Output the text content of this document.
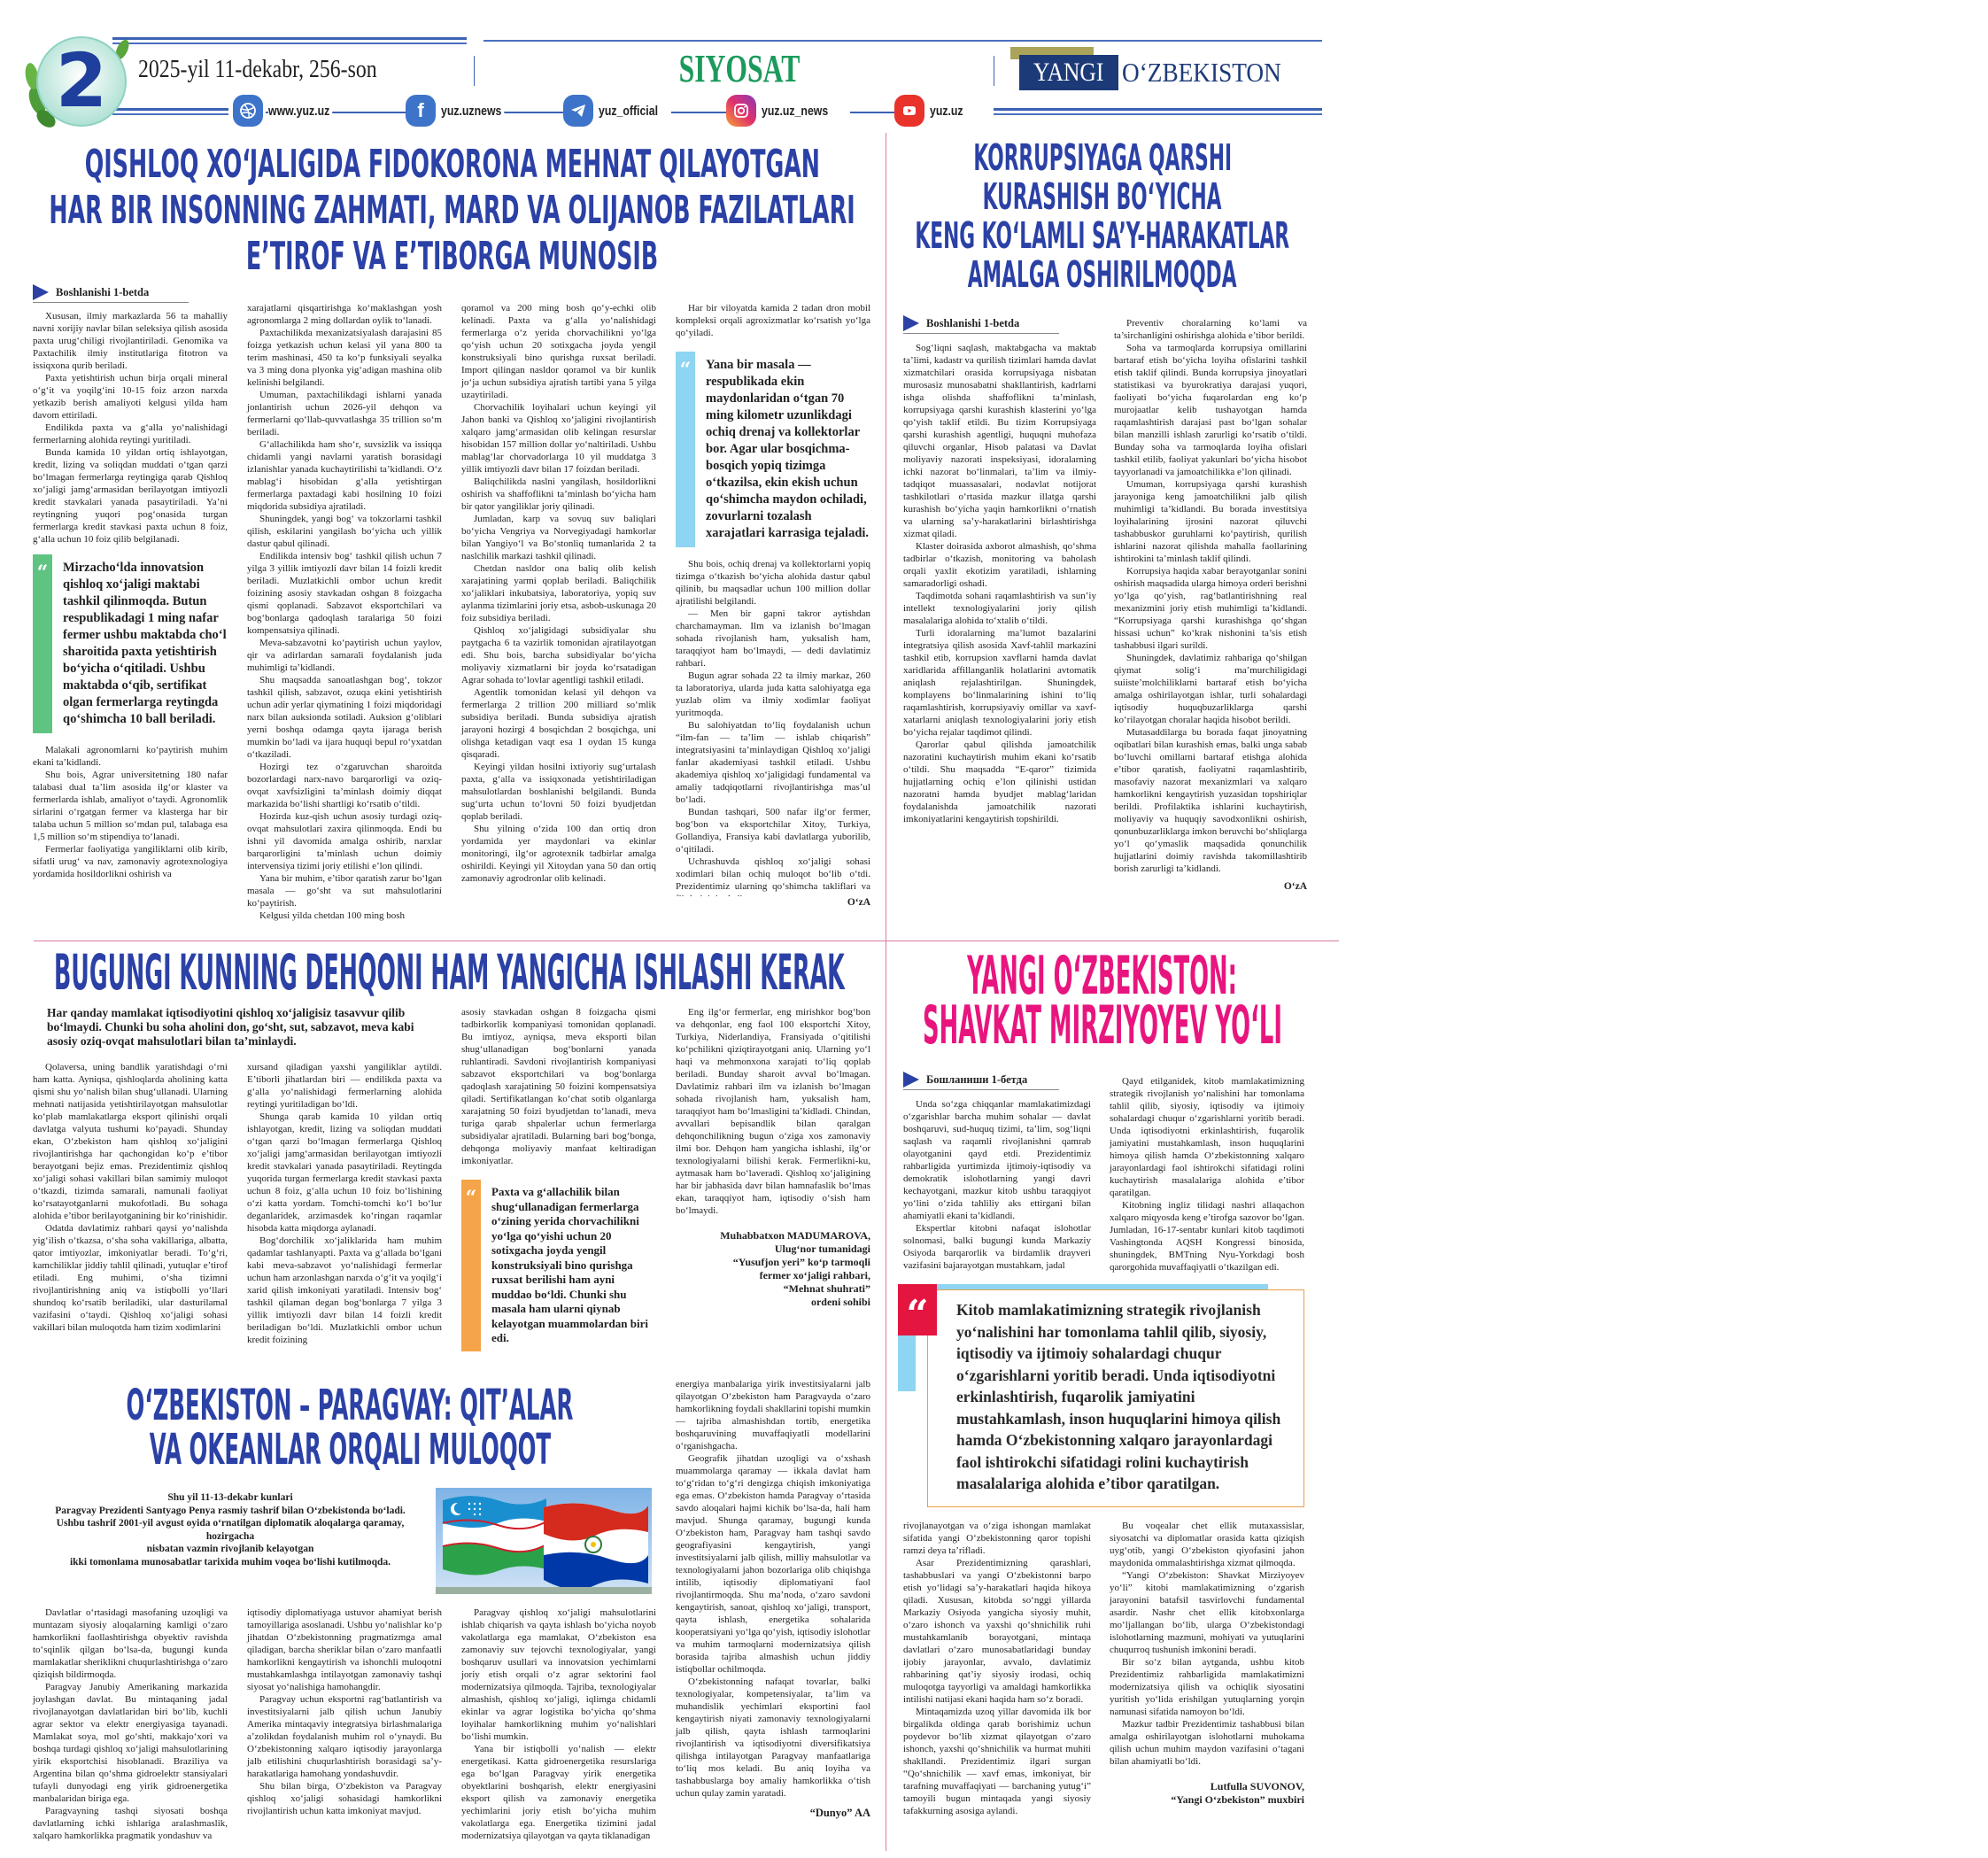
2 2025-yil 11-dekabr, 256-son	SIYOSAT	YANGI O‘ZBEKISTON
www.yuz.uz	f yuz.uznews	yuz_official	yuz.uz_news	yuz.uz
QISHLOQ XO‘JALIGIDA FIDOKORONA MEHNAT QILAYOTGAN
HAR BIR INSONNING ZAHMATI, MARD VA OLIJANOB FAZILATLARI
E’TIROF VA E’TIBORGA MUNOSIB
Boshlanishi 1-betda

Xususan, ilmiy markazlarda 56 ta mahalliy navni xorijiy navlar bilan seleksiya qilish asosida paxta urug‘chiligi rivojlantiriladi. Genomika va Paxtachilik ilmiy institutlariga fitotron va issiqxona qurib beriladi.

Paxta yetishtirish uchun birja orqali mineral o‘g‘it va yoqilg‘ini 10-15 foiz arzon narxda yetkazib berish amaliyoti kelgusi yilda ham davom ettiriladi.

Endilikda paxta va g‘alla yo‘nalishidagi fermerlarning alohida reytingi yuritiladi.

Bunda kamida 10 yildan ortiq ishlayotgan, kredit, lizing va soliqdan muddati o‘tgan qarzi bo‘lmagan fermerlarga reytingiga qarab Qishloq xo‘jaligi jamg‘armasidan berilayotgan imtiyozli kredit stavkalari yanada pasaytiriladi. Ya’ni reytingning yuqori pog‘onasida turgan fermerlarga kredit stavkasi paxta uchun 8 foiz, g‘alla uchun 10 foiz qilib belgilanadi.

“	Mirzacho‘lda innovatsion qishloq xo‘jaligi maktabi tashkil qilinmoqda. Butun respublikadagi 1 ming nafar fermer ushbu maktabda cho‘l sharoitida paxta yetishtirish bo‘yicha o‘qitiladi. Ushbu maktabda o‘qib, sertifikat olgan fermerlarga reytingda qo‘shimcha 10 ball beriladi.

Malakali agronomlarni ko‘paytirish muhim ekani ta’kidlandi.

Shu bois, Agrar universitetning 180 nafar talabasi dual ta’lim asosida ilg‘or klaster va fermerlarda ishlab, amaliyot o‘taydi. Agronomlik sirlarini o‘rgatgan fermer va klasterga har bir talaba uchun 5 million so‘mdan pul, talabaga esa 1,5 million so‘m stipendiya to‘lanadi.

Fermerlar faoliyatiga yangiliklarni olib kirib, sifatli urug‘ va nav, zamonaviy agrotexnologiya yordamida hosildorlikni oshirish va

xarajatlarni qisqartirishga ko‘maklashgan yosh agronomlarga 2 ming dollardan oylik to‘lanadi.

Paxtachilikda mexanizatsiyalash darajasini 85 foizga yetkazish uchun kelasi yil yana 800 ta terim mashinasi, 450 ta ko‘p funksiyali seyalka va 3 ming dona plyonka yig‘adigan mashina olib kelinishi belgilandi.

Umuman, paxtachilikdagi ishlarni yanada jonlantirish uchun 2026-yil dehqon va fermerlarni qo‘llab-quvvatlashga 35 trillion so‘m beriladi.

G‘allachilikda ham sho‘r, suvsizlik va issiqqa chidamli yangi navlarni yaratish borasidagi izlanishlar yanada kuchaytirilishi ta’kidlandi. O‘z mablag‘i hisobidan g‘alla yetishtirgan fermerlarga paxtadagi kabi hosilning 10 foizi miqdorida subsidiya ajratiladi.

Shuningdek, yangi bog‘ va tokzorlarni tashkil qilish, eskilarini yangilash bo‘yicha uch yillik dastur qabul qilinadi.

Endilikda intensiv bog‘ tashkil qilish uchun 7 yilga 3 yillik imtiyozli davr bilan 14 foizli kredit beriladi. Muzlatkichli ombor uchun kredit foizining asosiy stavkadan oshgan 8 foizgacha qismi qoplanadi. Sabzavot eksportchilari va bog‘bonlarga qadoqlash taralariga 50 foizi kompensatsiya qilinadi.

Meva-sabzavotni ko‘paytirish uchun yaylov, qir va adirlardan samarali foydalanish juda muhimligi ta’kidlandi.

Shu maqsadda sanoatlashgan bog‘, tokzor tashkil qilish, sabzavot, ozuqa ekini yetishtirish uchun adir yerlar qiymatining 1 foizi miqdoridagi narx bilan auksionda sotiladi. Auksion g‘oliblari yerni boshqa odamga qayta ijaraga berish mumkin bo‘ladi va ijara huquqi bepul ro‘yxatdan o‘tkaziladi.

Hozirgi tez o‘zgaruvchan sharoitda bozorlardagi narx-navo barqarorligi va oziq-ovqat xavfsizligini ta’minlash doimiy diqqat markazida bo‘lishi shartligi ko‘rsatib o‘tildi.

Hozirda kuz-qish uchun asosiy turdagi oziq-ovqat mahsulotlari zaxira qilinmoqda. Endi bu ishni yil davomida amalga oshirib, narxlar barqarorligini ta’minlash uchun doimiy intervensiya tizimi joriy etilishi e’lon qilindi.

Yana bir muhim, e’tibor qaratish zarur bo‘lgan masala — go‘sht va sut mahsulotlarini ko‘paytirish.

Kelgusi yilda chetdan 100 ming bosh

qoramol va 200 ming bosh qo‘y-echki olib kelinadi. Paxta va g‘alla yo‘nalishidagi fermerlarga o‘z yerida chorvachilikni yo‘lga qo‘yish uchun 20 sotixgacha joyda yengil konstruksiyali bino qurishga ruxsat beriladi. Import qilingan nasldor qoramol va bir kunlik jo‘ja uchun subsidiya ajratish tartibi yana 5 yilga uzaytiriladi.

Chorvachilik loyihalari uchun keyingi yil Jahon banki va Qishloq xo‘jaligini rivojlantirish xalqaro jamg‘armasidan olib kelingan resurslar hisobidan 157 million dollar yo‘naltiriladi. Ushbu mablag‘lar chorvadorlarga 10 yil muddatga 3 yillik imtiyozli davr bilan 17 foizdan beriladi.

Baliqchilikda naslni yangilash, hosildorlikni oshirish va shaffoflikni ta’minlash bo‘yicha ham bir qator yangiliklar joriy qilinadi.

Jumladan, karp va sovuq suv baliqlari bo‘yicha Vengriya va Norvegiyadagi hamkorlar bilan Yangiyo‘l va Bo‘stonliq tumanlarida 2 ta naslchilik markazi tashkil qilinadi.

Chetdan nasldor ona baliq olib kelish xarajatining yarmi qoplab beriladi. Baliqchilik xo‘jaliklari inkubatsiya, laboratoriya, yopiq suv aylanma tizimlarini joriy etsa, asbob-uskunaga 20 foiz subsidiya beriladi.

Qishloq xo‘jaligidagi subsidiyalar shu paytgacha 6 ta vazirlik tomonidan ajratilayotgan edi. Shu bois, barcha subsidiyalar bo‘yicha moliyaviy xizmatlarni bir joyda ko‘rsatadigan Agrar sohada to‘lovlar agentligi tashkil etiladi.

Agentlik tomonidan kelasi yil dehqon va fermerlarga 2 trillion 200 milliard so‘mlik subsidiya beriladi. Bunda subsidiya ajratish jarayoni hozirgi 4 bosqichdan 2 bosqichga, uni olishga ketadigan vaqt esa 1 oydan 15 kunga qisqaradi.

Keyingi yildan hosilni ixtiyoriy sug‘urtalash paxta, g‘alla va issiqxonada yetishtiriladigan mahsulotlardan boshlanishi belgilandi. Bunda sug‘urta uchun to‘lovni 50 foizi byudjetdan qoplab beriladi.

Shu yilning o‘zida 100 dan ortiq dron yordamida yer maydonlari va ekinlar monitoringi, ilg‘or agrotexnik tadbirlar amalga oshirildi. Keyingi yil Xitoydan yana 50 dan ortiq zamonaviy agrodronlar olib kelinadi.

Har bir viloyatda kamida 2 tadan dron mobil kompleksi orqali agroxizmatlar ko‘rsatish yo‘lga qo‘yiladi.

“	Yana bir masala — respublikada ekin maydonlaridan o‘tgan 70 ming kilometr uzunlikdagi ochiq drenaj va kollektorlar bor. Agar ular bosqichma-bosqich yopiq tizimga o‘tkazilsa, ekin ekish uchun qo‘shimcha maydon ochiladi, zovurlarni tozalash xarajatlari karrasiga tejaladi.

Shu bois, ochiq drenaj va kollektorlarni yopiq tizimga o‘tkazish bo‘yicha alohida dastur qabul qilinib, bu maqsadlar uchun 100 million dollar ajratilishi belgilandi.

— Men bir gapni takror aytishdan charchamayman. Ilm va izlanish bo‘lmagan sohada rivojlanish ham, yuksalish ham, taraqqiyot ham bo‘lmaydi, — dedi davlatimiz rahbari.

Bugun agrar sohada 22 ta ilmiy markaz, 260 ta laboratoriya, ularda juda katta salohiyatga ega yuzlab olim va ilmiy xodimlar faoliyat yuritmoqda.

Bu salohiyatdan to‘liq foydalanish uchun “ilm-fan — ta’lim — ishlab chiqarish” integratsiyasini ta’minlaydigan Qishloq xo‘jaligi fanlar akademiyasi tashkil etiladi. Ushbu akademiya qishloq xo‘jaligidagi fundamental va amaliy tadqiqotlarni rivojlantirishga mas’ul bo‘ladi.

Bundan tashqari, 500 nafar ilg‘or fermer, bog‘bon va eksportchilar Xitoy, Turkiya, Gollandiya, Fransiya kabi davlatlarga yuborilib, o‘qitiladi.

Uchrashuvda qishloq xo‘jaligi sohasi xodimlari bilan ochiq muloqot bo‘lib o‘tdi. Prezidentimiz ularning qo‘shimcha takliflari va

O‘zA
KORRUPSIYAGA QARSHI
KURASHISH BO‘YICHA
KENG KO‘LAMLI SA’Y-HARAKATLAR
AMALGA OSHIRILMOQDA
Boshlanishi 1-betda

Sog‘liqni saqlash, maktabgacha va maktab ta’limi, kadastr va qurilish tizimlari hamda davlat xizmatchilari orasida korrupsiyaga nisbatan murosasiz munosabatni shakllantirish, kadrlarni ishga olishda shaffoflikni ta’minlash, korrupsiyaga qarshi kurashish klasterini yo‘lga qo‘yish taklif etildi. Bu tizim Korrupsiyaga qarshi kurashish agentligi, huquqni muhofaza qiluvchi organlar, Hisob palatasi va Davlat moliyaviy nazorati inspeksiyasi, idoralarning ichki nazorat bo‘linmalari, ta’lim va ilmiy-tadqiqot muassasalari, nodavlat notijorat tashkilotlari o‘rtasida mazkur illatga qarshi kurashish bo‘yicha yaqin hamkorlikni o‘rnatish va ularning sa’y-harakatlarini birlashtirishga xizmat qiladi.

Klaster doirasida axborot almashish, qo‘shma tadbirlar o‘tkazish, monitoring va baholash orqali yaxlit ekotizim yaratiladi, ishlarning samaradorligi oshadi.

Taqdimotda sohani raqamlashtirish va sun’iy intellekt texnologiyalarini joriy qilish masalalariga alohida to‘xtalib o‘tildi.

Turli idoralarning ma’lumot bazalarini integratsiya qilish asosida Xavf-tahlil markazini tashkil etib, korrupsion xavflarni hamda davlat xaridlarida affillanganlik holatlarini avtomatik aniqlash rejalashtirilgan. Shuningdek, komplayens bo‘linmalarining ishini to‘liq raqamlashtirish, korrupsiyaviy omillar va xavf-xatarlarni aniqlash texnologiyalarini joriy etish bo‘yicha rejalar taqdimot qilindi.

Qarorlar qabul qilishda jamoatchilik nazoratini kuchaytirish muhim ekani ko‘rsatib o‘tildi. Shu maqsadda “E-qaror” tizimida hujjatlarning ochiq e’lon qilinishi ustidan nazoratni hamda byudjet mablag‘laridan foydalanishda jamoatchilik nazorati imkoniyatlarini kengaytirish topshirildi.

Preventiv choralarning ko‘lami va ta’sirchanligini oshirishga alohida e’tibor berildi.

Soha va tarmoqlarda korrupsiya omillarini bartaraf etish bo‘yicha loyiha ofislarini tashkil etish taklif qilindi. Bunda korrupsiya jinoyatlari statistikasi va byurokratiya darajasi yuqori, faoliyati bo‘yicha fuqarolardan eng ko‘p murojaatlar kelib tushayotgan hamda raqamlashtirish darajasi past bo‘lgan sohalar bilan manzilli ishlash zarurligi ko‘rsatib o‘tildi. Bunday soha va tarmoqlarda loyiha ofislari tashkil etilib, faoliyat yakunlari bo‘yicha hisobot tayyorlanadi va jamoatchilikka e’lon qilinadi.

Umuman, korrupsiyaga qarshi kurashish jarayoniga keng jamoatchilikni jalb qilish muhimligi ta’kidlandi. Bu borada investitsiya loyihalarining ijrosini nazorat qiluvchi tashabbuskor guruhlarni ko‘paytirish, qurilish ishlarini nazorat qilishda mahalla faollarining ishtirokini ta’minlash taklif qilindi.

Korrupsiya haqida xabar berayotganlar sonini oshirish maqsadida ularga himoya orderi berishni yo‘lga qo‘yish, rag‘batlantirishning real mexanizmini joriy etish muhimligi ta’kidlandi. “Korrupsiyaga qarshi kurashishga qo‘shgan hissasi uchun” ko‘krak nishonini ta’sis etish tashabbusi ilgari surildi.

Shuningdek, davlatimiz rahbariga qo‘shilgan qiymat solig‘i ma’murchiligidagi suiiste’molchiliklarni bartaraf etish bo‘yicha amalga oshirilayotgan ishlar, turli sohalardagi iqtisodiy huquqbuzarliklarga qarshi ko‘rilayotgan choralar haqida hisobot berildi.

Mutasaddilarga bu borada faqat jinoyatning oqibatlari bilan kurashish emas, balki unga sabab bo‘luvchi omillarni bartaraf etishga alohida e’tibor qaratish, faoliyatni raqamlashtirib, masofaviy nazorat mexanizmlari va xalqaro hamkorlikni kengaytirish yuzasidan topshiriqlar berildi. Profilaktika ishlarini kuchaytirish, moliyaviy va huquqiy savodxonlikni oshirish, qonunbuzarliklarga imkon beruvchi bo‘shliqlarga yo‘l qo‘ymaslik maqsadida qonunchilik hujjatlarini doimiy ravishda takomillashtirib borish zarurligi ta’kidlandi.

O‘zA
BUGUNGI KUNNING DEHQONI HAM YANGICHA ISHLASHI KERAK
Har qanday mamlakat iqtisodiyotini qishloq xo‘jaligisiz tasavvur qilib bo‘lmaydi. Chunki bu soha aholini don, go‘sht, sut, sabzavot, meva kabi asosiy oziq-ovqat mahsulotlari bilan ta’minlaydi.

Qolaversa, uning bandlik yaratishdagi o‘rni ham katta. Ayniqsa, qishloqlarda aholining katta qismi shu yo‘nalish bilan shug‘ullanadi. Ularning mehnati natijasida yetishtirilayotgan mahsulotlar ko‘plab mamlakatlarga eksport qilinishi orqali davlatga valyuta tushumi ko‘payadi. Shunday ekan, O‘zbekiston ham qishloq xo‘jaligini rivojlantirishga har qachongidan ko‘p e’tibor berayotgani bejiz emas. Prezidentimiz qishloq xo‘jaligi sohasi vakillari bilan samimiy muloqot o‘tkazdi, tizimda samarali, namunali faoliyat ko‘rsatayotganlarni mukofotladi. Bu sohaga alohida e’tibor berilayotganining bir ko‘rinishidir.

Odatda davlatimiz rahbari qaysi yo‘nalishda yig‘ilish o‘tkazsa, o‘sha soha vakillariga, albatta, qator imtiyozlar, imkoniyatlar beradi. To‘g‘ri, kamchiliklar jiddiy tahlil qilinadi, yutuqlar e’tirof etiladi. Eng muhimi, o‘sha tizimni rivojlantirishning aniq va istiqbolli yo‘llari shundoq ko‘rsatib beriladiki, ular dasturilamal vazifasini o‘taydi. Qishloq xo‘jaligi sohasi vakillari bilan muloqotda ham tizim xodimlarini

xursand qiladigan yaxshi yangiliklar aytildi. E’tiborli jihatlardan biri — endilikda paxta va g‘alla yo‘nalishidagi fermerlarning alohida reytingi yuritiladigan bo‘ldi.

Shunga qarab kamida 10 yildan ortiq ishlayotgan, kredit, lizing va soliqdan muddati o‘tgan qarzi bo‘lmagan fermerlarga Qishloq xo‘jaligi jamg‘armasidan berilayotgan imtiyozli kredit stavkalari yanada pasaytiriladi. Reytingda yuqorida turgan fermerlarga kredit stavkasi paxta uchun 8 foiz, g‘alla uchun 10 foiz bo‘lishining o‘zi katta yordam. Tomchi-tomchi ko‘l bo‘lur deganlaridek, arzimasdek ko‘ringan raqamlar hisobda katta miqdorga aylanadi.

Bog‘dorchilik xo‘jaliklarida ham muhim qadamlar tashlanyapti. Paxta va g‘allada bo‘lgani kabi meva-sabzavot yo‘nalishidagi fermerlar uchun ham arzonlashgan narxda o‘g‘it va yoqilg‘i xarid qilish imkoniyati yaratiladi. Intensiv bog‘ tashkil qilaman degan bog‘bonlarga 7 yilga 3 yillik imtiyozli davr bilan 14 foizli kredit beriladigan bo‘ldi. Muzlatkichli ombor uchun kredit foizining

asosiy stavkadan oshgan 8 foizgacha qismi tadbirkorlik kompaniyasi tomonidan qoplanadi. Bu imtiyoz, ayniqsa, meva eksporti bilan shug‘ullanadigan bog‘bonlarni yanada ruhlantiradi. Savdoni rivojlantirish kompaniyasi sabzavot eksportchilari va bog‘bonlarga qadoqlash xarajatining 50 foizini kompensatsiya qiladi. Sertifikatlangan ko‘chat sotib olganlarga xarajatning 50 foizi byudjetdan to‘lanadi, meva turiga qarab shpalerlar uchun fermerlarga subsidiyalar ajratiladi. Bularning bari bog‘bonga, dehqonga moliyaviy manfaat keltiradigan imkoniyatlar.

“	Paxta va g‘allachilik bilan shug‘ullanadigan fermerlarga o‘zining yerida chorvachilikni yo‘lga qo‘yishi uchun 20 sotixgacha joyda yengil konstruksiyali bino qurishga ruxsat berilishi ham ayni muddao bo‘ldi. Chunki shu masala ham ularni qiynab kelayotgan muammolardan biri edi.

Eng ilg‘or fermerlar, eng mirishkor bog‘bon va dehqonlar, eng faol 100 eksportchi Xitoy, Turkiya, Niderlandiya, Fransiyada o‘qitilishi ko‘pchilikni qiziqtirayotgani aniq. Ularning yo‘l haqi va mehmonxona xarajati to‘liq qoplab beriladi. Bunday sharoit avval bo‘lmagan. Davlatimiz rahbari ilm va izlanish bo‘lmagan sohada rivojlanish ham, yuksalish ham, taraqqiyot ham bo‘lmasligini ta’kidladi. Chindan, avvallari bepisandlik bilan qaralgan dehqonchilikning bugun o‘ziga xos zamonaviy ilmi bor. Dehqon ham yangicha ishlashi, ilg‘or texnologiyalarni bilishi kerak. Fermerlikni-ku, aytmasak ham bo‘laveradi. Qishloq xo‘jaligining har bir jabhasida davr bilan hamnafaslik bo‘lmas ekan, taraqqiyot ham, iqtisodiy o‘sish ham bo‘lmaydi.

Muhabbatxon MADUMAROVA,
Ulug‘nor tumanidagi
“Yusufjon yeri” ko‘p tarmoqli
fermer xo‘jaligi rahbari,
“Mehnat shuhrati”
ordeni sohibi
O‘ZBEKISTON – PARAGVAY: QIT’ALAR
VA OKEANLAR ORQALI MULOQOT
Shu yil 11-13-dekabr kunlari
Paragvay Prezidenti Santyago Penya rasmiy tashrif bilan O‘zbekistonda bo‘ladi.
Ushbu tashrif 2001-yil avgust oyida o‘rnatilgan diplomatik aloqalarga qaramay, hozirgacha
nisbatan vazmin rivojlanib kelayotgan
ikki tomonlama munosabatlar tarixida muhim voqea bo‘lishi kutilmoqda.

Davlatlar o‘rtasidagi masofaning uzoqligi va muntazam siyosiy aloqalarning kamligi o‘zaro hamkorlikni faollashtirishga obyektiv ravishda to‘sqinlik qilgan bo‘lsa-da, bugungi kunda mamlakatlar sheriklikni chuqurlashtirishga o‘zaro qiziqish bildirmoqda.

Paragvay Janubiy Amerikaning markazida joylashgan davlat. Bu mintaqaning jadal rivojlanayotgan davlatlaridan biri bo‘lib, kuchli agrar sektor va elektr energiyasiga tayanadi. Mamlakat soya, mol go‘shti, makkajo‘xori va boshqa turdagi qishloq xo‘jaligi mahsulotlarining yirik eksportchisi hisoblanadi. Braziliya va Argentina bilan qo‘shma gidroelektr stansiyalari tufayli dunyodagi eng yirik gidroenergetika manbalaridan biriga ega.

Paragvayning tashqi siyosati boshqa davlatlarning ichki ishlariga aralashmaslik, xalqaro hamkorlikka pragmatik yondashuv va

iqtisodiy diplomatiyaga ustuvor ahamiyat berish tamoyillariga asoslanadi. Ushbu yo‘nalishlar ko‘p jihatdan O‘zbekistonning pragmatizmga amal qiladigan, barcha sheriklar bilan o‘zaro manfaatli hamkorlikni kengaytirish va ishonchli muloqotni mustahkamlashga intilayotgan zamonaviy tashqi siyosat yo‘nalishiga hamohangdir.

Paragvay uchun eksportni rag‘batlantirish va investitsiyalarni jalb qilish uchun Janubiy Amerika mintaqaviy integratsiya birlashmalariga a’zolikdan foydalanish muhim rol o‘ynaydi. Bu O‘zbekistonning xalqaro iqtisodiy jarayonlarga jalb etilishini chuqurlashtirish borasidagi sa’y-harakatlariga hamohang yondashuvdir.

Shu bilan birga, O‘zbekiston va Paragvay qishloq xo‘jaligi sohasidagi hamkorlikni rivojlantirish uchun katta imkoniyat mavjud.

Paragvay qishloq xo‘jaligi mahsulotlarini ishlab chiqarish va qayta ishlash bo‘yicha noyob vakolatlarga ega mamlakat, O‘zbekiston esa zamonaviy suv tejovchi texnologiyalar, yangi boshqaruv usullari va innovatsion yechimlarni joriy etish orqali o‘z agrar sektorini faol modernizatsiya qilmoqda. Tajriba, texnologiyalar almashish, qishloq xo‘jaligi, iqlimga chidamli ekinlar va agrar logistika bo‘yicha qo‘shma loyihalar hamkorlikning muhim yo‘nalishlari bo‘lishi mumkin.

Yana bir istiqbolli yo‘nalish — elektr energetikasi. Katta gidroenergetika resurslariga ega bo‘lgan Paragvay yirik energetika obyektlarini boshqarish, elektr energiyasini eksport qilish va zamonaviy energetika yechimlarini joriy etish bo‘yicha muhim vakolatlarga ega. Energetika tizimini jadal modernizatsiya qilayotgan va qayta tiklanadigan

energiya manbalariga yirik investitsiyalarni jalb qilayotgan O‘zbekiston ham Paragvayda o‘zaro hamkorlikning foydali shakllarini topishi mumkin — tajriba almashishdan tortib, energetika boshqaruvining muvaffaqiyatli modellarini o‘rganishgacha.

Geografik jihatdan uzoqligi va o‘xshash muammolarga qaramay — ikkala davlat ham to‘g‘ridan to‘g‘ri dengizga chiqish imkoniyatiga ega emas. O‘zbekiston hamda Paragvay o‘rtasida savdo aloqalari hajmi kichik bo‘lsa-da, hali ham mavjud. Shunga qaramay, bugungi kunda O‘zbekiston ham, Paragvay ham tashqi savdo geografiyasini kengaytirish, yangi investitsiyalarni jalb qilish, milliy mahsulotlar va texnologiyalarni jahon bozorlariga olib chiqishga intilib, iqtisodiy diplomatiyani faol rivojlantirmoqda. Shu ma’noda, o‘zaro savdoni kengaytirish, sanoat, qishloq xo‘jaligi, transport, qayta ishlash, energetika sohalarida kooperatsiyani yo‘lga qo‘yish, iqtisodiy islohotlar va muhim tarmoqlarni modernizatsiya qilish borasida tajriba almashish uchun jiddiy istiqbollar ochilmoqda.

O‘zbekistonning nafaqat tovarlar, balki texnologiyalar, kompetensiyalar, ta’lim va muhandislik yechimlari eksportini faol kengaytirish niyati zamonaviy texnologiyalarni jalb qilish, qayta ishlash tarmoqlarini rivojlantirish va iqtisodiyotni diversifikatsiya qilishga intilayotgan Paragvay manfaatlariga to‘liq mos keladi. Bu aniq loyiha va tashabbuslarga boy amaliy hamkorlikka o‘tish uchun qulay zamin yaratadi.

“Dunyo” AA
YANGI O‘ZBEKISTON:
SHAVKAT MIRZIYOYEV YO‘LI
Бошланиши 1-бетда

Unda so‘zga chiqqanlar mamlakatimizdagi o‘zgarishlar barcha muhim sohalar — davlat boshqaruvi, sud-huquq tizimi, ta’lim, sog‘liqni saqlash va raqamli rivojlanishni qamrab olayotganini qayd etdi. Prezidentimiz rahbarligida yurtimizda ijtimoiy-iqtisodiy va demokratik islohotlarning yangi davri kechayotgani, mazkur kitob ushbu taraqqiyot yo‘lini o‘zida tahliliy aks ettirgani bilan ahamiyatli ekani ta’kidlandi.

Ekspertlar kitobni nafaqat islohotlar solnomasi, balki bugungi kunda Markaziy Osiyoda barqarorlik va birdamlik drayveri vazifasini bajarayotgan mustahkam, jadal

Qayd etilganidek, kitob mamlakatimizning strategik rivojlanish yo‘nalishini har tomonlama tahlil qilib, siyosiy, iqtisodiy va ijtimoiy sohalardagi chuqur o‘zgarishlarni yoritib beradi. Unda iqtisodiyotni erkinlashtirish, fuqarolik jamiyatini mustahkamlash, inson huquqlarini himoya qilish hamda O‘zbekistonning xalqaro jarayonlardagi faol ishtirokchi sifatidagi rolini kuchaytirish masalalariga alohida e’tibor qaratilgan.

Kitobning ingliz tilidagi nashri allaqachon xalqaro miqyosda keng e’tirofga sazovor bo‘lgan. Jumladan, 16-17-sentabr kunlari kitob taqdimoti Vashingtonda AQSH Kongressi binosida, shuningdek, BMTning Nyu-Yorkdagi bosh qarorgohida muvaffaqiyatli o‘tkazilgan edi.

Kitob mamlakatimizning strategik rivojlanish yo‘nalishini har tomonlama tahlil qilib, siyosiy, iqtisodiy va ijtimoiy sohalardagi chuqur o‘zgarishlarni yoritib beradi. Unda iqtisodiyotni erkinlashtirish, fuqarolik jamiyatini mustahkamlash, inson huquqlarini himoya qilish hamda O‘zbekistonning xalqaro jarayonlardagi faol ishtirokchi sifatidagi rolini kuchaytirish masalalariga alohida e’tibor qaratilgan.
“

rivojlanayotgan va o‘ziga ishongan mamlakat sifatida yangi O‘zbekistonning qaror topishi ramzi deya ta’rifladi.

Asar Prezidentimizning qarashlari, tashabbuslari va yangi O‘zbekistonni barpo etish yo‘lidagi sa’y-harakatlari haqida hikoya qiladi. Xususan, kitobda so‘nggi yillarda Markaziy Osiyoda yangicha siyosiy muhit, o‘zaro ishonch va yaxshi qo‘shnichilik ruhi mustahkamlanib borayotgani, mintaqa davlatlari o‘zaro munosabatlaridagi bunday ijobiy jarayonlar, avvalo, davlatimiz rahbarining qat’iy siyosiy irodasi, ochiq muloqotga tayyorligi va amaldagi hamkorlikka intilishi natijasi ekani haqida ham so‘z boradi.

Mintaqamizda uzoq yillar davomida ilk bor birgalikda oldinga qarab borishimiz uchun poydevor bo‘lib xizmat qilayotgan o‘zaro ishonch, yaxshi qo‘shnichilik va hurmat muhiti shakllandi. Prezidentimiz ilgari surgan “Qo‘shnichilik — xavf emas, imkoniyat, bir tarafning muvaffaqiyati — barchaning yutug‘i” tamoyili bugun mintaqada yangi siyosiy tafakkurning asosiga aylandi.

Bu voqealar chet ellik mutaxassislar, siyosatchi va diplomatlar orasida katta qiziqish uyg‘otib, yangi O‘zbekiston qiyofasini jahon maydonida ommalashtirishga xizmat qilmoqda.

“Yangi O‘zbekiston: Shavkat Mirziyoyev yo‘li” kitobi mamlakatimizning o‘zgarish jarayonini batafsil tasvirlovchi fundamental asardir. Nashr chet ellik kitobxonlarga mo‘ljallangan bo‘lib, ularga O‘zbekistondagi islohotlarning mazmuni, mohiyati va yutuqlarini chuqurroq tushunish imkonini beradi.

Bir so‘z bilan aytganda, ushbu kitob Prezidentimiz rahbarligida mamlakatimizni modernizatsiya qilish va ochiqlik siyosatini yuritish yo‘lida erishilgan yutuqlarning yorqin namunasi sifatida namoyon bo‘ldi.

Mazkur tadbir Prezidentimiz tashabbusi bilan amalga oshirilayotgan islohotlarni muhokama qilish uchun muhim maydon vazifasini o‘tagani bilan ahamiyatli bo‘ldi.

Lutfulla SUVONOV,
“Yangi O‘zbekiston” muxbiri
